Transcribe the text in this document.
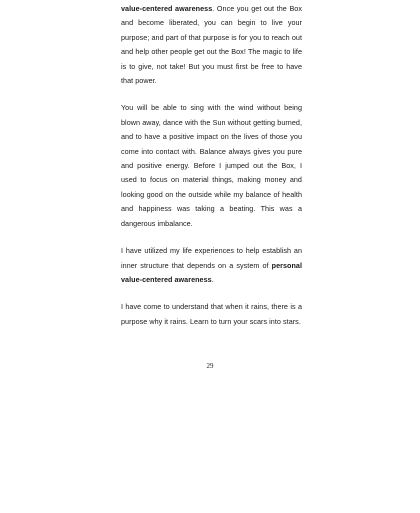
value-centered awareness. Once you get out the Box and become liberated, you can begin to live your purpose; and part of that purpose is for you to reach out and help other people get out the Box! The magic to life is to give, not take! But you must first be free to have that power.

You will be able to sing with the wind without being blown away, dance with the Sun without getting burned, and to have a positive impact on the lives of those you come into contact with. Balance always gives you pure and positive energy. Before I jumped out the Box, I used to focus on material things, making money and looking good on the outside while my balance of health and happiness was taking a beating. This was a dangerous imbalance.

I have utilized my life experiences to help establish an inner structure that depends on a system of personal value-centered awareness.

I have come to understand that when it rains, there is a purpose why it rains. Learn to turn your scars into stars.

29
